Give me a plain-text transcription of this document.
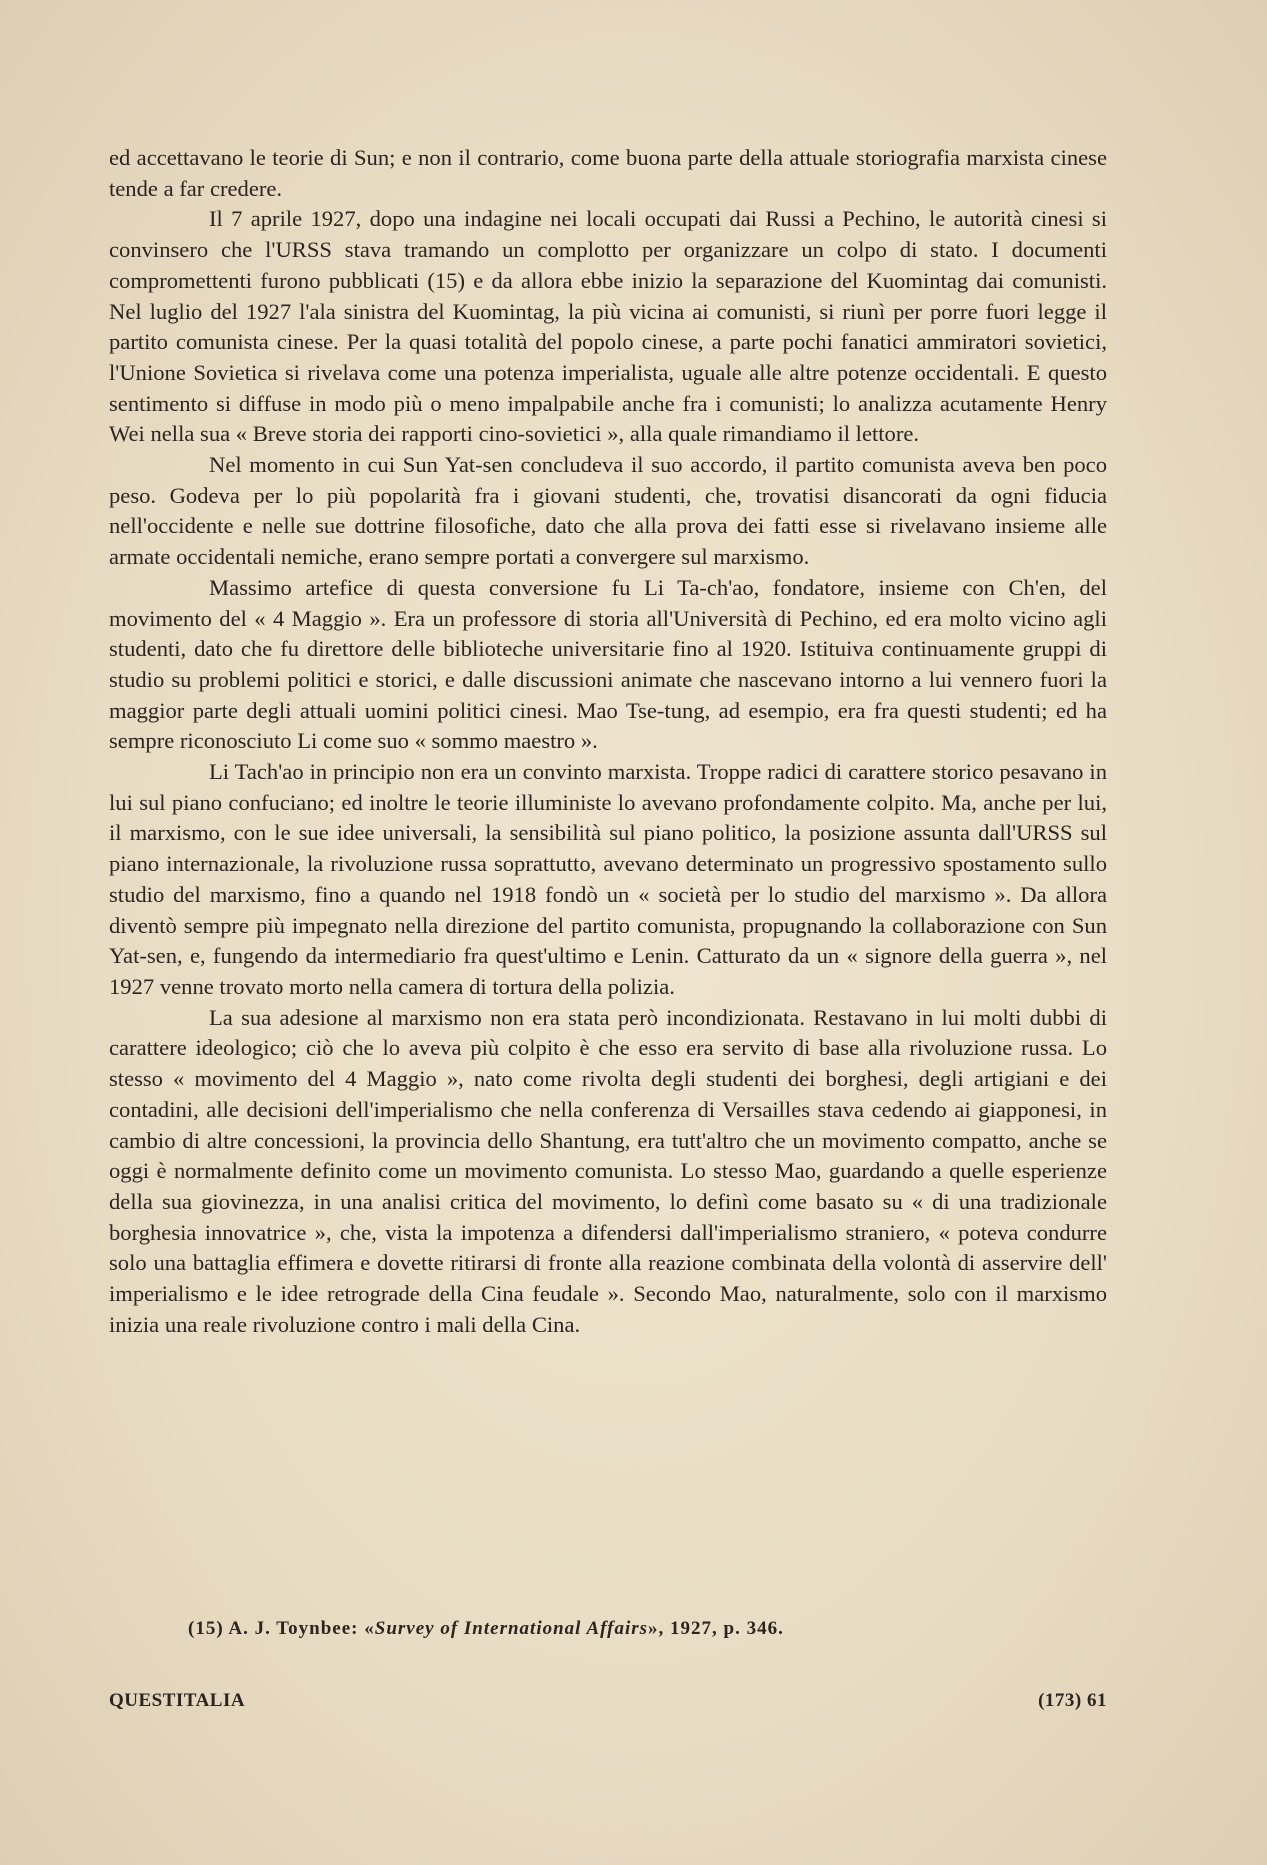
ed accettavano le teorie di Sun; e non il contrario, come buona parte della attuale storiografia marxista cinese tende a far credere.

Il 7 aprile 1927, dopo una indagine nei locali occupati dai Russi a Pechino, le autorità cinesi si convinsero che l'URSS stava tramando un complotto per organizzare un colpo di stato. I documenti compromettenti furono pubblicati (15) e da allora ebbe inizio la separazione del Kuomintag dai comunisti. Nel luglio del 1927 l'ala sinistra del Kuomintag, la più vicina ai comunisti, si riunì per porre fuori legge il partito comunista cinese. Per la quasi totalità del popolo cinese, a parte pochi fanatici ammiratori sovietici, l'Unione Sovietica si rivelava come una potenza imperialista, uguale alle altre potenze occidentali. E questo sentimento si diffuse in modo più o meno impalpabile anche fra i comunisti; lo analizza acutamente Henry Wei nella sua « Breve storia dei rapporti cino-sovietici », alla quale rimandiamo il lettore.

Nel momento in cui Sun Yat-sen concludeva il suo accordo, il partito comunista aveva ben poco peso. Godeva per lo più popolarità fra i giovani studenti, che, trovatisi disancorati da ogni fiducia nell'occidente e nelle sue dottrine filosofiche, dato che alla prova dei fatti esse si rivelavano insieme alle armate occidentali nemiche, erano sempre portati a convergere sul marxismo.

Massimo artefice di questa conversione fu Li Ta-ch'ao, fondatore, insieme con Ch'en, del movimento del « 4 Maggio ». Era un professore di storia all'Università di Pechino, ed era molto vicino agli studenti, dato che fu direttore delle biblioteche universitarie fino al 1920. Istituiva continuamente gruppi di studio su problemi politici e storici, e dalle discussioni animate che nascevano intorno a lui vennero fuori la maggior parte degli attuali uomini politici cinesi. Mao Tse-tung, ad esempio, era fra questi studenti; ed ha sempre riconosciuto Li come suo « sommo maestro ».

Li Tach'ao in principio non era un convinto marxista. Troppe radici di carattere storico pesavano in lui sul piano confuciano; ed inoltre le teorie illuministe lo avevano profondamente colpito. Ma, anche per lui, il marxismo, con le sue idee universali, la sensibilità sul piano politico, la posizione assunta dall'URSS sul piano internazionale, la rivoluzione russa soprattutto, avevano determinato un progressivo spostamento sullo studio del marxismo, fino a quando nel 1918 fondò un « società per lo studio del marxismo ». Da allora diventò sempre più impegnato nella direzione del partito comunista, propugnando la collaborazione con Sun Yat-sen, e, fungendo da intermediario fra quest'ultimo e Lenin. Catturato da un « signore della guerra », nel 1927 venne trovato morto nella camera di tortura della polizia.

La sua adesione al marxismo non era stata però incondizionata. Restavano in lui molti dubbi di carattere ideologico; ciò che lo aveva più colpito è che esso era servito di base alla rivoluzione russa. Lo stesso « movimento del 4 Maggio », nato come rivolta degli studenti dei borghesi, degli artigiani e dei contadini, alle decisioni dell'imperialismo che nella conferenza di Versailles stava cedendo ai giapponesi, in cambio di altre concessioni, la provincia dello Shantung, era tutt'altro che un movimento compatto, anche se oggi è normalmente definito come un movimento comunista. Lo stesso Mao, guardando a quelle esperienze della sua giovinezza, in una analisi critica del movimento, lo definì come basato su « di una tradizionale borghesia innovatrice », che, vista la impotenza a difendersi dall'imperialismo straniero, « poteva condurre solo una battaglia effimera e dovette ritirarsi di fronte alla reazione combinata della volontà di asservire dell' imperialismo e le idee retrograde della Cina feudale ». Secondo Mao, naturalmente, solo con il marxismo inizia una reale rivoluzione contro i mali della Cina.

(15) A. J. Toynbee: «Survey of International Affairs», 1927, p. 346.
QUESTITALIA	(173) 61
